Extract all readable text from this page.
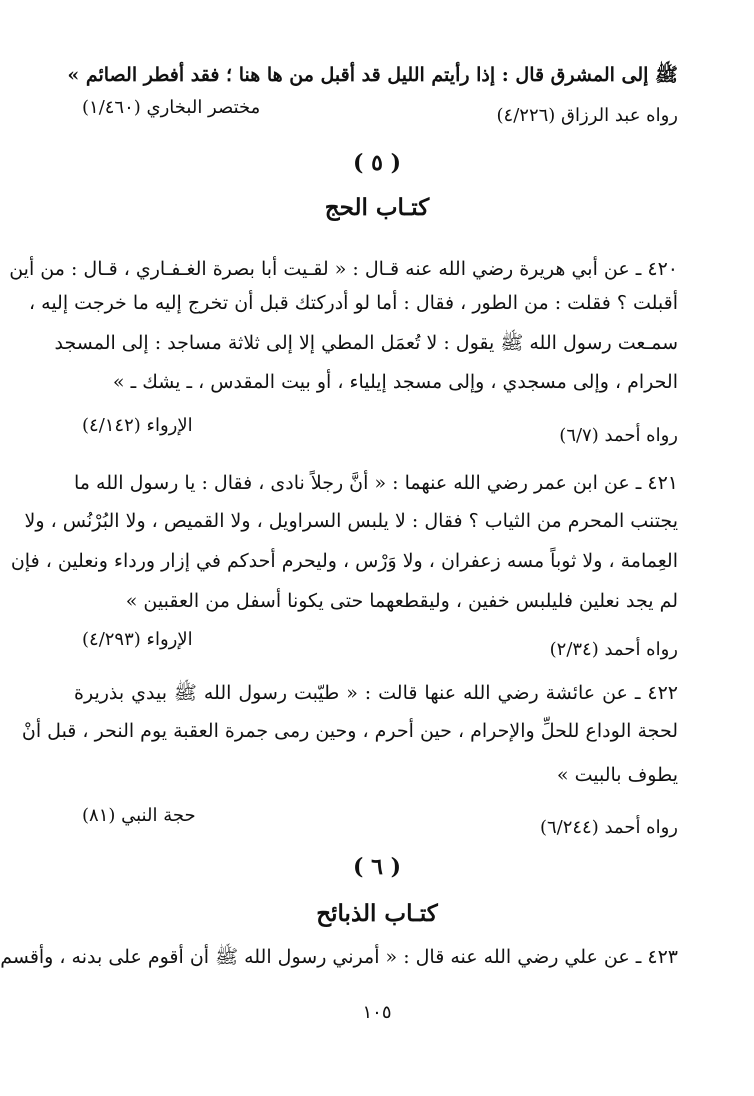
ﷺ إلى المشرق قال : إذا رأيتم الليل قد أقبل من ها هنا ؛ فقد أفطر الصائم »
رواه عبد الرزاق (٤/٢٢٦)
مختصر البخاري (١/٤٦٠)
( ٥ )
كتـاب الحج
٤٢٠ ـ عن أبي هريرة رضي الله عنه قـال : « لقـيت أبا بصرة الغـفـاري ، قـال : من أين
أقبلت ؟ فقلت : من الطور ، فقال : أما لو أدركتك قبل أن تخرج إليه ما خرجت إليه ،
سمـعت رسول الله ﷺ يقول : لا تُعمَل المطي إلا إلى ثلاثة مساجد : إلى المسجد
الحرام ، وإلى مسجدي ، وإلى مسجد إيلياء ، أو بيت المقدس ، ـ يشك ـ »
رواه أحمد (٦/٧)
الإرواء (٤/١٤٢)
٤٢١ ـ عن ابن عمر رضي الله عنهما : « أنَّ رجلاً نادى ، فقال : يا رسول الله ما
يجتنب المحرم من الثياب ؟ فقال : لا يلبس السراويل ، ولا القميص ، ولا البُرْنُس ، ولا
العِمامة ، ولا ثوباً مسه زعفران ، ولا وَرْس ، وليحرم أحدكم في إزار ورداء ونعلين ، فإن
لم يجد نعلين فليلبس خفين ، وليقطعهما حتى يكونا أسفل من العقبين »
رواه أحمد (٢/٣٤)
الإرواء (٤/٢٩٣)
٤٢٢ ـ عن عائشة رضي الله عنها قالت : « طيّبت رسول الله ﷺ بيدي بذريرة
لحجة الوداع للحلِّ والإحرام ، حين أحرم ، وحين رمى جمرة العقبة يوم النحر ، قبل أنْ
يطوف بالبيت »
رواه أحمد (٦/٢٤٤)
حجة النبي (٨١)
( ٦ )
كتـاب الذبائح
٤٢٣ ـ عن علي رضي الله عنه قال : « أمرني رسول الله ﷺ أن أقوم على بدنه ، وأقسم
١٠٥
